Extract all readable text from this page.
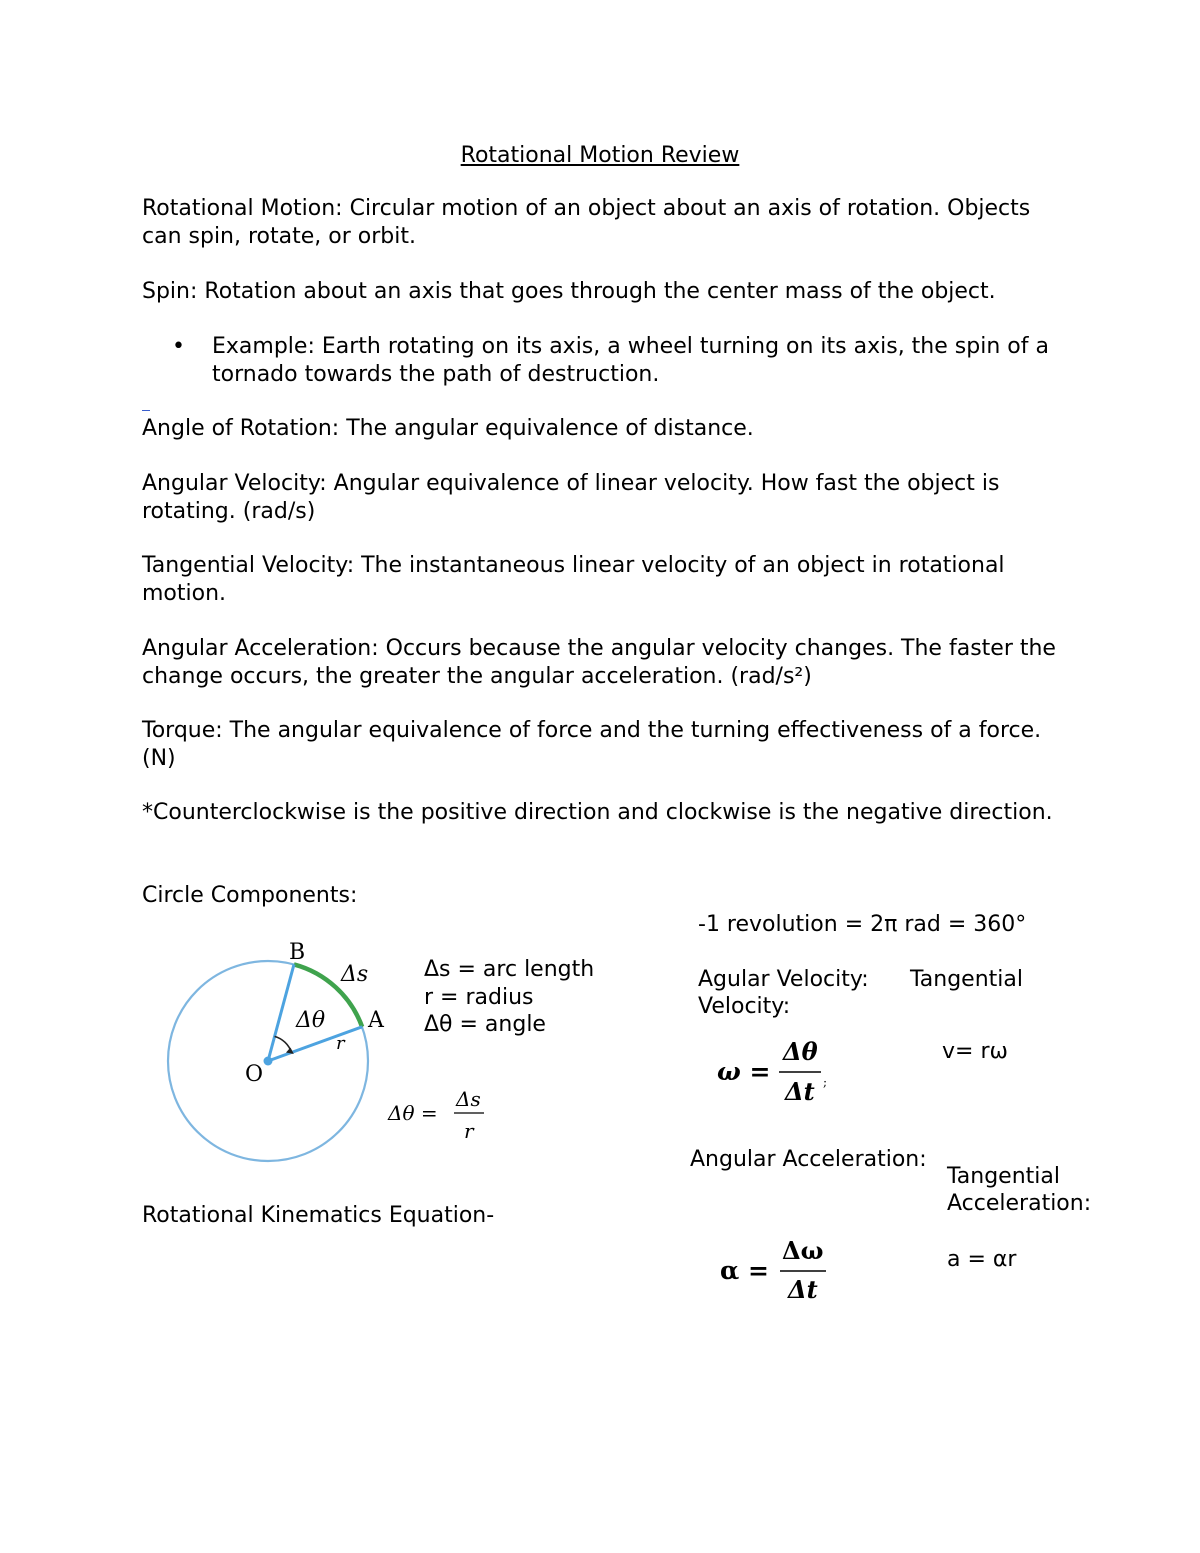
Rotational Motion Review
Rotational Motion: Circular motion of an object about an axis of rotation. Objects can spin, rotate, or orbit.
Spin: Rotation about an axis that goes through the center mass of the object.
• Example: Earth rotating on its axis, a wheel turning on its axis, the spin of a tornado towards the path of destruction.
Angle of Rotation: The angular equivalence of distance.
Angular Velocity: Angular equivalence of linear velocity. How fast the object is rotating. (rad/s)
Tangential Velocity: The instantaneous linear velocity of an object in rotational motion.
Angular Acceleration: Occurs because the angular velocity changes. The faster the change occurs, the greater the angular acceleration. (rad/s²)
Torque: The angular equivalence of force and the turning effectiveness of a force. (N)
*Counterclockwise is the positive direction and clockwise is the negative direction.
Circle Components:
B
A
O
Δs
Δθ
r
Δs = arc length
r = radius
Δθ = angle
Δθ =
Δs
r
Rotational Kinematics Equation-
-1 revolution = 2π rad = 360°
Agular Velocity: Tangential
Velocity:
ω =
Δθ
Δt ;
v= rω
Angular Acceleration:
Tangential
Acceleration:
α =
Δω
Δt
a = αr
